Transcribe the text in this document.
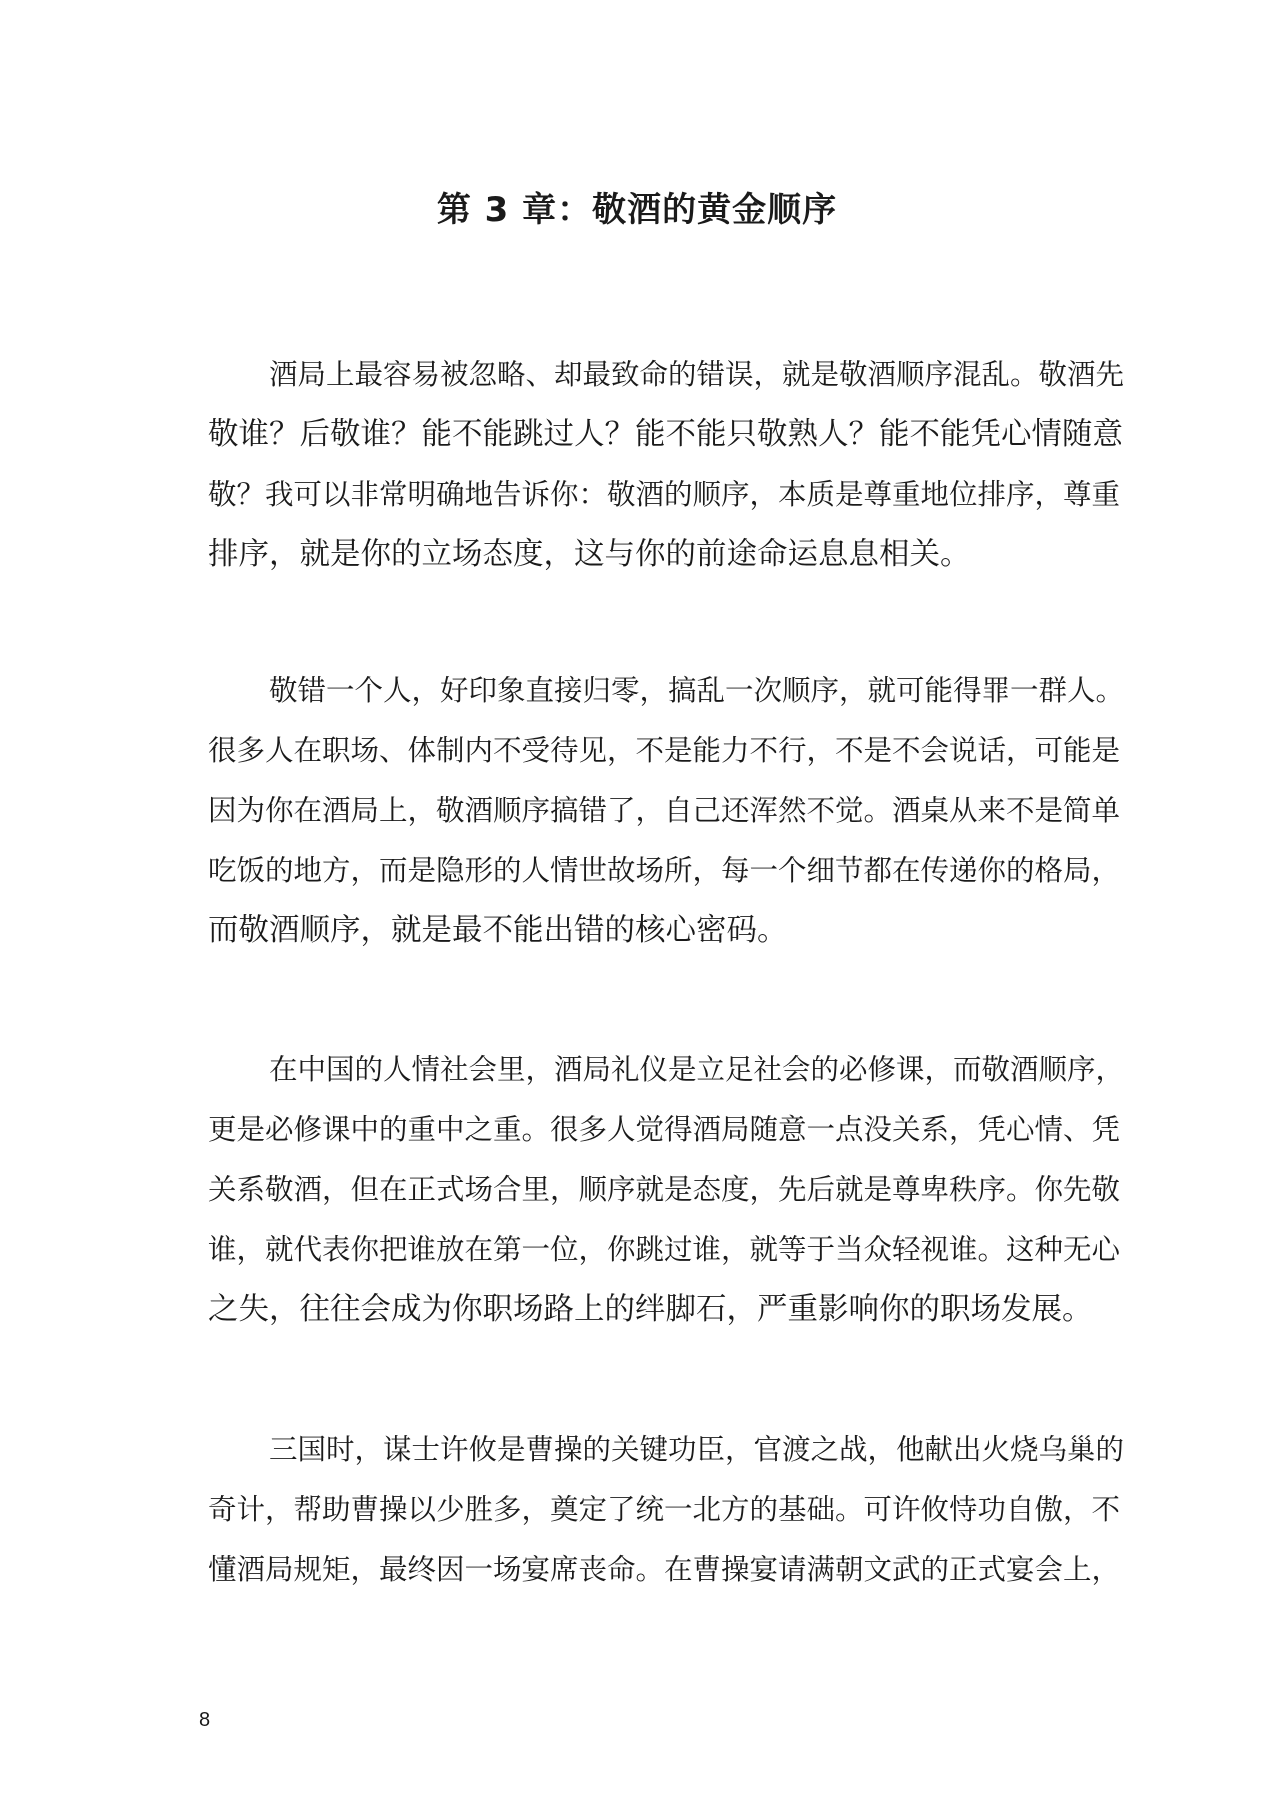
第 3 章：敬酒的黄金顺序
酒局上最容易被忽略、却最致命的错误，就是敬酒顺序混乱。敬酒先
敬谁？后敬谁？能不能跳过人？能不能只敬熟人？能不能凭心情随意
敬？我可以非常明确地告诉你：敬酒的顺序，本质是尊重地位排序，尊重
排序，就是你的立场态度，这与你的前途命运息息相关。
敬错一个人，好印象直接归零，搞乱一次顺序，就可能得罪一群人。
很多人在职场、体制内不受待见，不是能力不行，不是不会说话，可能是
因为你在酒局上，敬酒顺序搞错了，自己还浑然不觉。酒桌从来不是简单
吃饭的地方，而是隐形的人情世故场所，每一个细节都在传递你的格局，
而敬酒顺序，就是最不能出错的核心密码。
在中国的人情社会里，酒局礼仪是立足社会的必修课，而敬酒顺序，
更是必修课中的重中之重。很多人觉得酒局随意一点没关系，凭心情、凭
关系敬酒，但在正式场合里，顺序就是态度，先后就是尊卑秩序。你先敬
谁，就代表你把谁放在第一位，你跳过谁，就等于当众轻视谁。这种无心
之失，往往会成为你职场路上的绊脚石，严重影响你的职场发展。
三国时，谋士许攸是曹操的关键功臣，官渡之战，他献出火烧乌巢的
奇计，帮助曹操以少胜多，奠定了统一北方的基础。可许攸恃功自傲，不
懂酒局规矩，最终因一场宴席丧命。在曹操宴请满朝文武的正式宴会上，

8
